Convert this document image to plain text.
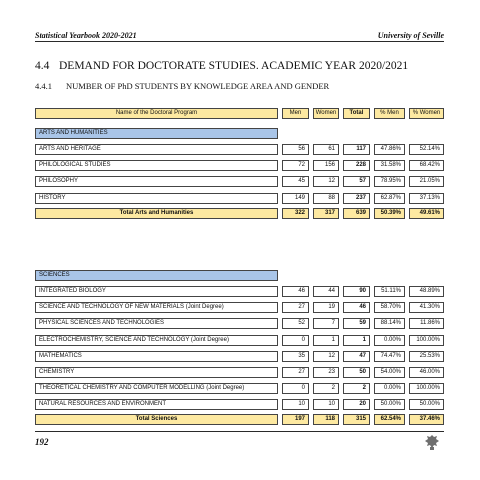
Statistical Yearbook 2020-2021	University of Seville
4.4 DEMAND FOR DOCTORATE STUDIES. ACADEMIC YEAR 2020/2021
4.4.1 NUMBER OF PhD STUDENTS BY KNOWLEDGE AREA AND GENDER
Name of the Doctoral Program	Men	Women	Total	% Men	% Women
ARTS AND HUMANITIES
ARTS AND HERITAGE	56	61	117	47.86%	52.14%
PHILOLOGICAL STUDIES	72	156	228	31.58%	68.42%
PHILOSOPHY	45	12	57	78.95%	21.05%
HISTORY	149	88	237	62.87%	37.13%
Total Arts and Humanities	322	317	639	50.39%	49.61%
SCIENCES
INTEGRATED BIOLOGY	46	44	90	51.11%	48.89%
SCIENCE AND TECHNOLOGY OF NEW MATERIALS (Joint Degree)	27	19	46	58.70%	41.30%
PHYSICAL SCIENCES AND TECHNOLOGIES	52	7	59	88.14%	11.86%
ELECTROCHEMISTRY, SCIENCE AND TECHNOLOGY (Joint Degree)	0	1	1	0.00%	100.00%
MATHEMATICS	35	12	47	74.47%	25.53%
CHEMISTRY	27	23	50	54.00%	46.00%
THEORETICAL CHEMISTRY AND COMPUTER MODELLING (Joint Degree)	0	2	2	0.00%	100.00%
NATURAL RESOURCES AND ENVIRONMENT	10	10	20	50.00%	50.00%
Total Sciences	197	118	315	62.54%	37.46%
192
